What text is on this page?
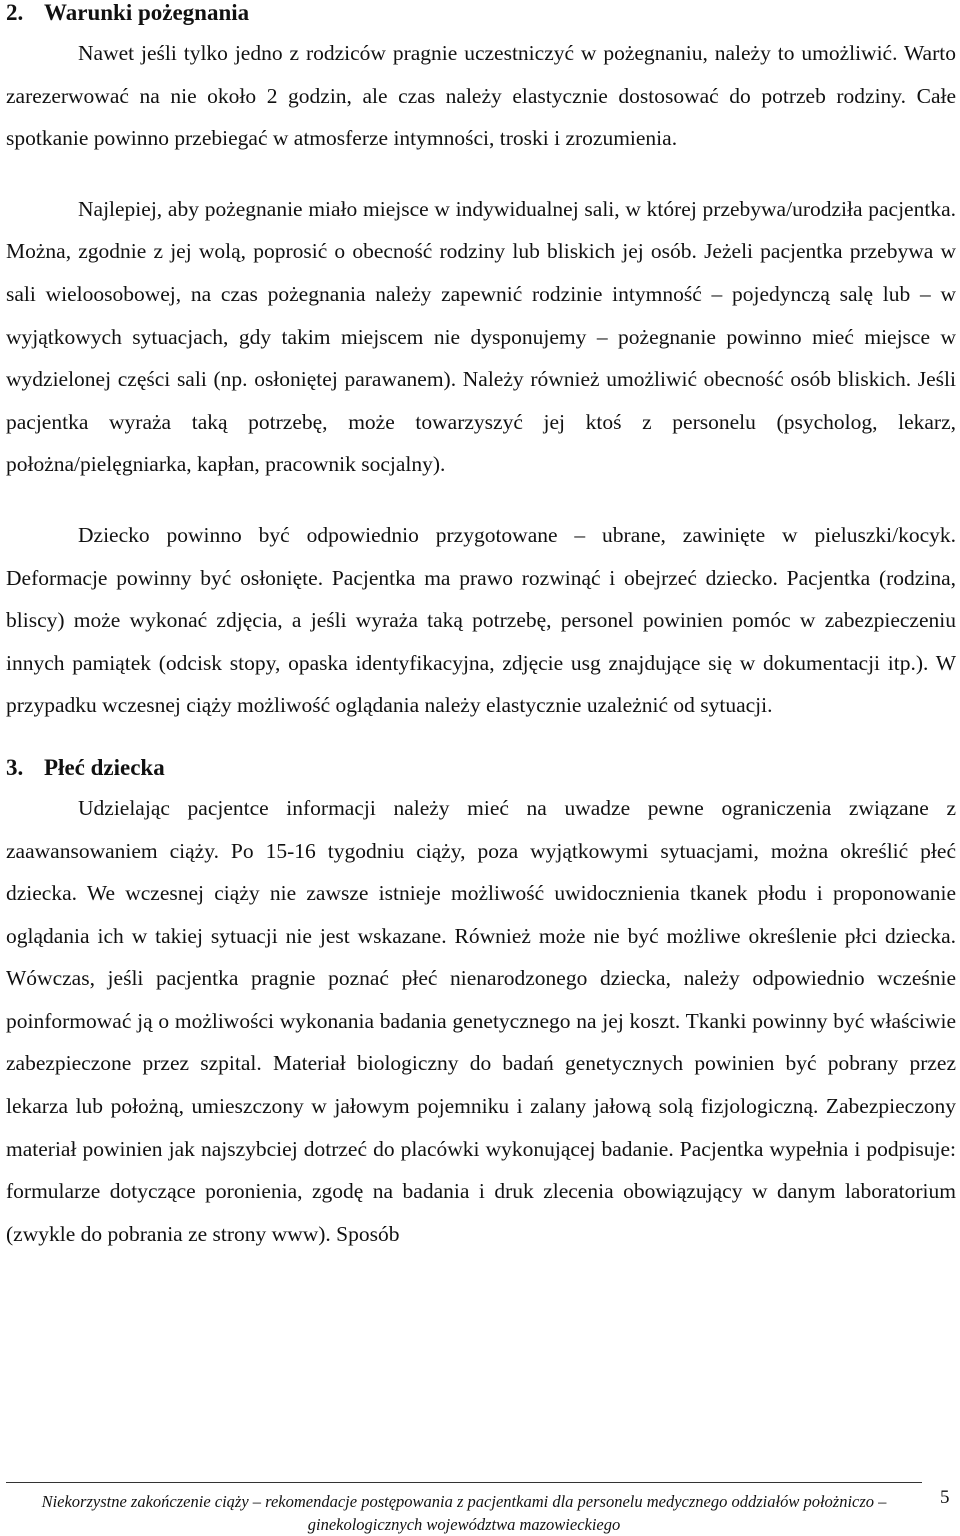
2. Warunki pożegnania

Nawet jeśli tylko jedno z rodziców pragnie uczestniczyć w pożegnaniu, należy to umożliwić. Warto zarezerwować na nie około 2 godzin, ale czas należy elastycznie dostosować do potrzeb rodziny. Całe spotkanie powinno przebiegać w atmosferze intymności, troski i zrozumienia.

Najlepiej, aby pożegnanie miało miejsce w indywidualnej sali, w której przebywa/urodziła pacjentka. Można, zgodnie z jej wolą, poprosić o obecność rodziny lub bliskich jej osób. Jeżeli pacjentka przebywa w sali wieloosobowej, na czas pożegnania należy zapewnić rodzinie intymność – pojedynczą salę lub – w wyjątkowych sytuacjach, gdy takim miejscem nie dysponujemy – pożegnanie powinno mieć miejsce w wydzielonej części sali (np. osłoniętej parawanem). Należy również umożliwić obecność osób bliskich. Jeśli pacjentka wyraża taką potrzebę, może towarzyszyć jej ktoś z personelu (psycholog, lekarz, położna/pielęgniarka, kapłan, pracownik socjalny).

Dziecko powinno być odpowiednio przygotowane – ubrane, zawinięte w pieluszki/kocyk. Deformacje powinny być osłonięte. Pacjentka ma prawo rozwinąć i obejrzeć dziecko. Pacjentka (rodzina, bliscy) może wykonać zdjęcia, a jeśli wyraża taką potrzebę, personel powinien pomóc w zabezpieczeniu innych pamiątek (odcisk stopy, opaska identyfikacyjna, zdjęcie usg znajdujące się w dokumentacji itp.). W przypadku wczesnej ciąży możliwość oglądania należy elastycznie uzależnić od sytuacji.

3. Płeć dziecka

Udzielając pacjentce informacji należy mieć na uwadze pewne ograniczenia związane z zaawansowaniem ciąży. Po 15-16 tygodniu ciąży, poza wyjątkowymi sytuacjami, można określić płeć dziecka. We wczesnej ciąży nie zawsze istnieje możliwość uwidocznienia tkanek płodu i proponowanie oglądania ich w takiej sytuacji nie jest wskazane. Również może nie być możliwe określenie płci dziecka. Wówczas, jeśli pacjentka pragnie poznać płeć nienarodzonego dziecka, należy odpowiednio wcześnie poinformować ją o możliwości wykonania badania genetycznego na jej koszt. Tkanki powinny być właściwie zabezpieczone przez szpital. Materiał biologiczny do badań genetycznych powinien być pobrany przez lekarza lub położną, umieszczony w jałowym pojemniku i zalany jałową solą fizjologiczną. Zabezpieczony materiał powinien jak najszybciej dotrzeć do placówki wykonującej badanie. Pacjentka wypełnia i podpisuje: formularze dotyczące poronienia, zgodę na badania i druk zlecenia obowiązujący w danym laboratorium (zwykle do pobrania ze strony www). Sposób

Niekorzystne zakończenie ciąży – rekomendacje postępowania z pacjentkami dla personelu medycznego oddziałów położniczo – ginekologicznych województwa mazowieckiego
5
